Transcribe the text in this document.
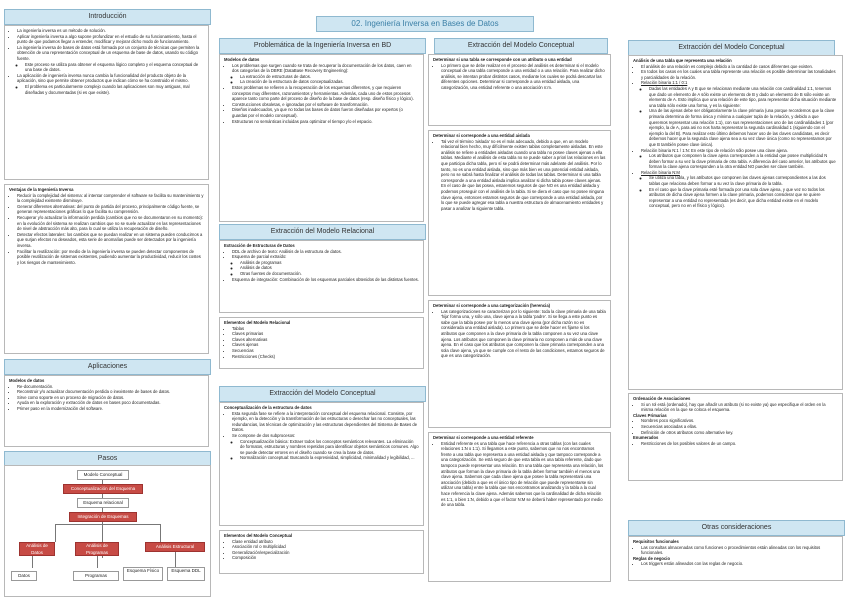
02. Ingeniería Inversa en Bases de Datos
Introducción
• La ingeniería inversa es un método de solución.
• Aplicar ingeniería inversa a algo supone profundizar en el estudio de su funcionamiento, hasta el punto de que podamos llegar a entender, modificar y mejorar dicho modo de funcionamiento.
• La ingeniería inversa de bases de datos está formada por un conjunto de técnicas que permiten la obtención de una representación conceptual de un esquema de base de datos, usando su código fuente.
◦ Este proceso se utiliza para obtener el esquema lógico completo y el esquema conceptual de una base de datos.
• La aplicación de ingeniería inversa nunca cambia la funcionalidad del producto objeto de la aplicación, sino que permite obtener productos que indican cómo se ha construido el mismo.
◦ El problema es particularmente complejo cuando las aplicaciones son muy antiguas, mal diseñadas y documentadas (si es que existe).
Ventajas de la Ingeniería Inversa
• Reducir la complejidad del sistema: al intentar comprender el software se facilita su mantenimiento y la complejidad existente disminuye.
• Generar diferentes alternativas: del punto de partida del proceso, principalmente código fuente, se generan representaciones gráficas lo que facilita su comprensión.
• Recuperar y/o actualizar la información perdida (cambios que no se documentaron en su momento): en la evolución del sistema se realizan cambios que no se suele actualizar en las representaciones de nivel de abstracción más alto, para lo cual se utiliza la recuperación de diseño.
• Detectar efectos laterales: los cambios que se puedan realizar en un sistema pueden conducirnos a que surjan efectos no deseados, esta serie de anomalías puede ser detectados por la ingeniería inversa.
• Facilitar la reutilización: por medio de la ingeniería inversa se pueden detectar componentes de posible reutilización de sistemas existentes, pudiendo aumentar la productividad, reducir los costes y los riesgos de mantenimiento.
Aplicaciones
Modelos de datos
• Re-documentación.
• Reconstruir y/o actualizar documentación perdida o inexistente de bases de datos.
• Sirve como soporte en un proceso de migración de datos.
• Ayuda en la exploración y extracción de datos en bases poco documentadas.
• Primer paso en la modernización del software.
Pasos
Modelo Conceptual
Conceptualización del Esquema
Esquema relacional
Integración de Esquemas
Análisis de Datos
Análisis de Programas
Análisis Estructural
Datos	Programas
Esquema Físico	Esquema DDL
Problemática de la Ingeniería Inversa en BD
Modelos de datos
• Los problemas que surgen cuando se trata de recuperar la documentación de los datos, caen en dos categorías de la DBRE (DataBase Recovery Engineering):
◦ La extracción de estructuras de datos.
◦ La creación de la estructura de datos conceptualizadas.
• Estos problemas se refieren a la recuperación de los esquemas diferentes, y que requieren conceptos muy diferentes, razonamientos y herramientas. Además, cada uno de estos procesos aparece tanto como parte del proceso de diseño de la base de datos (resp. diseño físico y lógico).
• Construcciones obsoletas, e ignoradas por el software de transformación.
• Diseños inadecuados, ya que no todas las bases de datos fueron diseñadas por expertos (o guardas por el modelo conceptual).
• Estructuras no semánticas incluidas para optimizar el tiempo y/o el espacio.
Extracción del Modelo Relacional
Extracción de Estructuras de Datos
• DDL de archivo de texto: Análisis de la estructura de datos.
• Esquema de parcial extraído:
◦ Análisis de programas
◦ Análisis de datos
◦ Otras fuentes de documentación.
• Esquema de integración: Combinación de los esquemas parciales obtenidos de las distintas fuentes.
Elementos del Modelo Relacional
• Tablas
• Claves primarias
• Claves alternativas
• Claves ajenas
• Secuencias
• Restricciones (Checks)
Extracción del Modelo Conceptual
Conceptualización de la estructura de datos
• Esta segunda fase se refiere a la interpretación conceptual del esquema relacional. Consiste, por ejemplo, en la detección y la transformación de las estructuras o desechar las no conceptuales, las redundancias, las técnicas de optimización y las estructuras dependientes del Sistema de Bases de Datos.
• Se compone de dos subprocesos:
◦ Conceptualización básica: Extraer todos los conceptos semánticos relevantes. La eliminación de formatos, estructuras y nombres repetidos para identificar objetos semánticos comunes. Algo se puede detectar errores en el diseño cuando se crea la base de datos.
◦ Normalización conceptual: Buscando la expresividad, simplicidad, minimalidad y legibilidad, ...
Elementos del Modelo Conceptual
• Clase entidad atributo
• Asociación rol o multiplicidad
• Generalización/especialización
• Composición
Extracción del Modelo Conceptual
Determinar si una tabla se corresponde con un atributo o una entidad
• Lo primero que se debe realizar en el proceso del análisis es determinar si el modelo conceptual de una tabla corresponde a una entidad o a una relación. Para realizar dicho análisis, se intentan probar distintos casos, mediante los cuales se podrá descartar las diferentes opciones. Determinar si corresponde a una entidad aislada, una categorización, una entidad referente o una asociación n:m.
Determinar si corresponde a una entidad aislada
• Tal vez el término 'aislada' no es el más adecuado, debido a que, en un modelo relacional bien hecho, muy difícilmente existen tablas completamente aisladas. En este análisis se refiere a entidades aisladas cuando una tabla no posee claves ajenas a ella tablas. Mediante el análisis de esta tabla no se puede saber a priori las relaciones en las que participa dicha tabla, pero sí se podrá determinar más adelante del análisis. Por lo tanto, no es una entidad aislada, sino que más bien es una potencial entidad aislada, pero no se sabrá hasta finalizar el análisis de todas las tablas. Determinar si una tabla corresponde a una entidad aislada implica analizar si dicha tabla posee claves ajenas. En el caso de que las posea, estaremos seguros de que NO es una entidad aislada y podemos proseguir con el análisis de la tabla. Si se diera el caso que no posee ninguna clave ajena, entonces estamos seguros de que corresponde a una entidad aislada, por lo que se puede agregar esa tabla a nuestra estructura de almacenamiento entidades y pasar a analizar la siguiente tabla.
Determinar si corresponde a una categorización (herencia)
• Las categorizaciones se caracterizan por lo siguiente: toda la clave primaria de una tabla 'hija' forma una, y sólo una, clave ajena a la tabla 'padre'. Si se llega a este punto es sabe que la tabla posee por lo menos una clave ajena (por dicha razón no es considerada una entidad aislada). Lo primero que se debe hacer es fijarse si los atributos que componen a la clave primaria de la tabla componen a su vez una clave ajena. Los atributos que componen la clave primaria no componen a más de una clave ajena. En el caso que los atributos que componen la clave primaria corresponden a una sola clave ajena, ya que se cumple con el resto de las condiciones, estamos seguros de que es una categorización.
Determinar si corresponde a una entidad referente
• Entidad referente es una tabla que hace referencia a otras tablas (con las cuales relaciones 1:N o 1:1). Si llegamos a este punto, sabemos que no nos encontramos frente a una tabla que representa a una entidad aislada y que tampoco corresponde a una categorización. Se está seguro de que esta tabla es una tabla referente, dado que tampoco puede representar una relación. En una tabla que representa una relación, los atributos que forman la clave primaria de la tabla deben formar también el menos una clave ajena. Sabemos que cada clave ajena que posee la tabla representará una asociación (debido a que es el único tipo de relación que puede representarse sin utilizar una tabla) entre la tabla que nos encontramos analizando y la tabla a la cual hace referencia la clave ajena. Además sabemos que la cardinalidad de dicha relación es 1:1, o bien 1:N, debido a que el factor N:M se deberá haber representado por medio de una tabla.
Extracción del Modelo Conceptual
Análisis de una tabla que representa una relación
• El análisis de una relación es complejo debido a la cantidad de casos diferentes que existen.
• En todos los casos en los cuales una tabla represente una relación es posible determinar las tonalidades y parcialidades de la relación.
• Relación binaria 1:1 / 0:1
◦ Dadas las entidades A y B que se relacionan mediante una relación con cardinalidad 1:1, tenemos que dado un elemento de A sólo existe un elemento de B y dado un elemento de B sólo existe un elemento de A. Esto implica que una relación de este tipo, para representar dicha situación mediante una tabla sólo existe una forma, y es la siguiente:
◦ Una de las ajenas debe ser obligatoriamente la clave primaria (una porque recordemos que la clave primaria determina de forma única y mínima a cualquier tupla de la relación, y debido a que queremos representar una relación 1:1), con sus representaciones uno de las cardinalidades 1 (por ejemplo, la de A, para asi no nos harta representar la segunda cardinalidad 1 (siguiendo con el ejemplo la del B). Para realizar esto último debemos hacer uso de las claves candidatas, es decir debemos hacer que la segunda clave ajena sea a su vez clave única (como no representamos por que B también posee clave única).
• Relación binaria N:1 / 1:N: En este tipo de relación sólo posee una clave ajena.
◦ Los atributos que componen la clave ajena corresponden a la entidad que posee multiplicidad N deben formar a su vez la clave primaria de otra tabla. A diferencia del caso anterior, los atributos que forman la clave ajena corresponden a la otra entidad NO pueden ser clave también.
• Relación binaria N:M
◦ Se utiliza una tabla, y los atributos que componen las claves ajenas correspondientes a las dos tablas que relaciona deben formar a su vez la clave primaria de la tabla.
◦ En el caso que la clave primaria esté formada por una sola clave ajena, y que vez no todos los atributos de dicha clave ajena formen a la clave primaria, podemos considerar que se quiere representar a una entidad no representada (es decir, que dicha entidad existe en el modelo conceptual, pero no en el físico y lógico).
Ordenación de Asociaciones
• Si un rol está (ordenado), hay que añadir un atributo (si no existe ya) que especifique el orden en la misma relación en la que se coloca el esquema.
Claves Primarias
• Nombres poco significativos.
• Secuencias asociadas a ellas.
• Definición de otros atributos como alternative key.
Enumerados
• Restricciones de los posibles valores de un campo.
Otras consideraciones
Requisitos funcionales
• Las consultas almacenadas como funciones o procedimientos están alineadas con los requisitos funcionales.
Reglas de negocio
• Los triggers están alineados con las reglas de negocio.
